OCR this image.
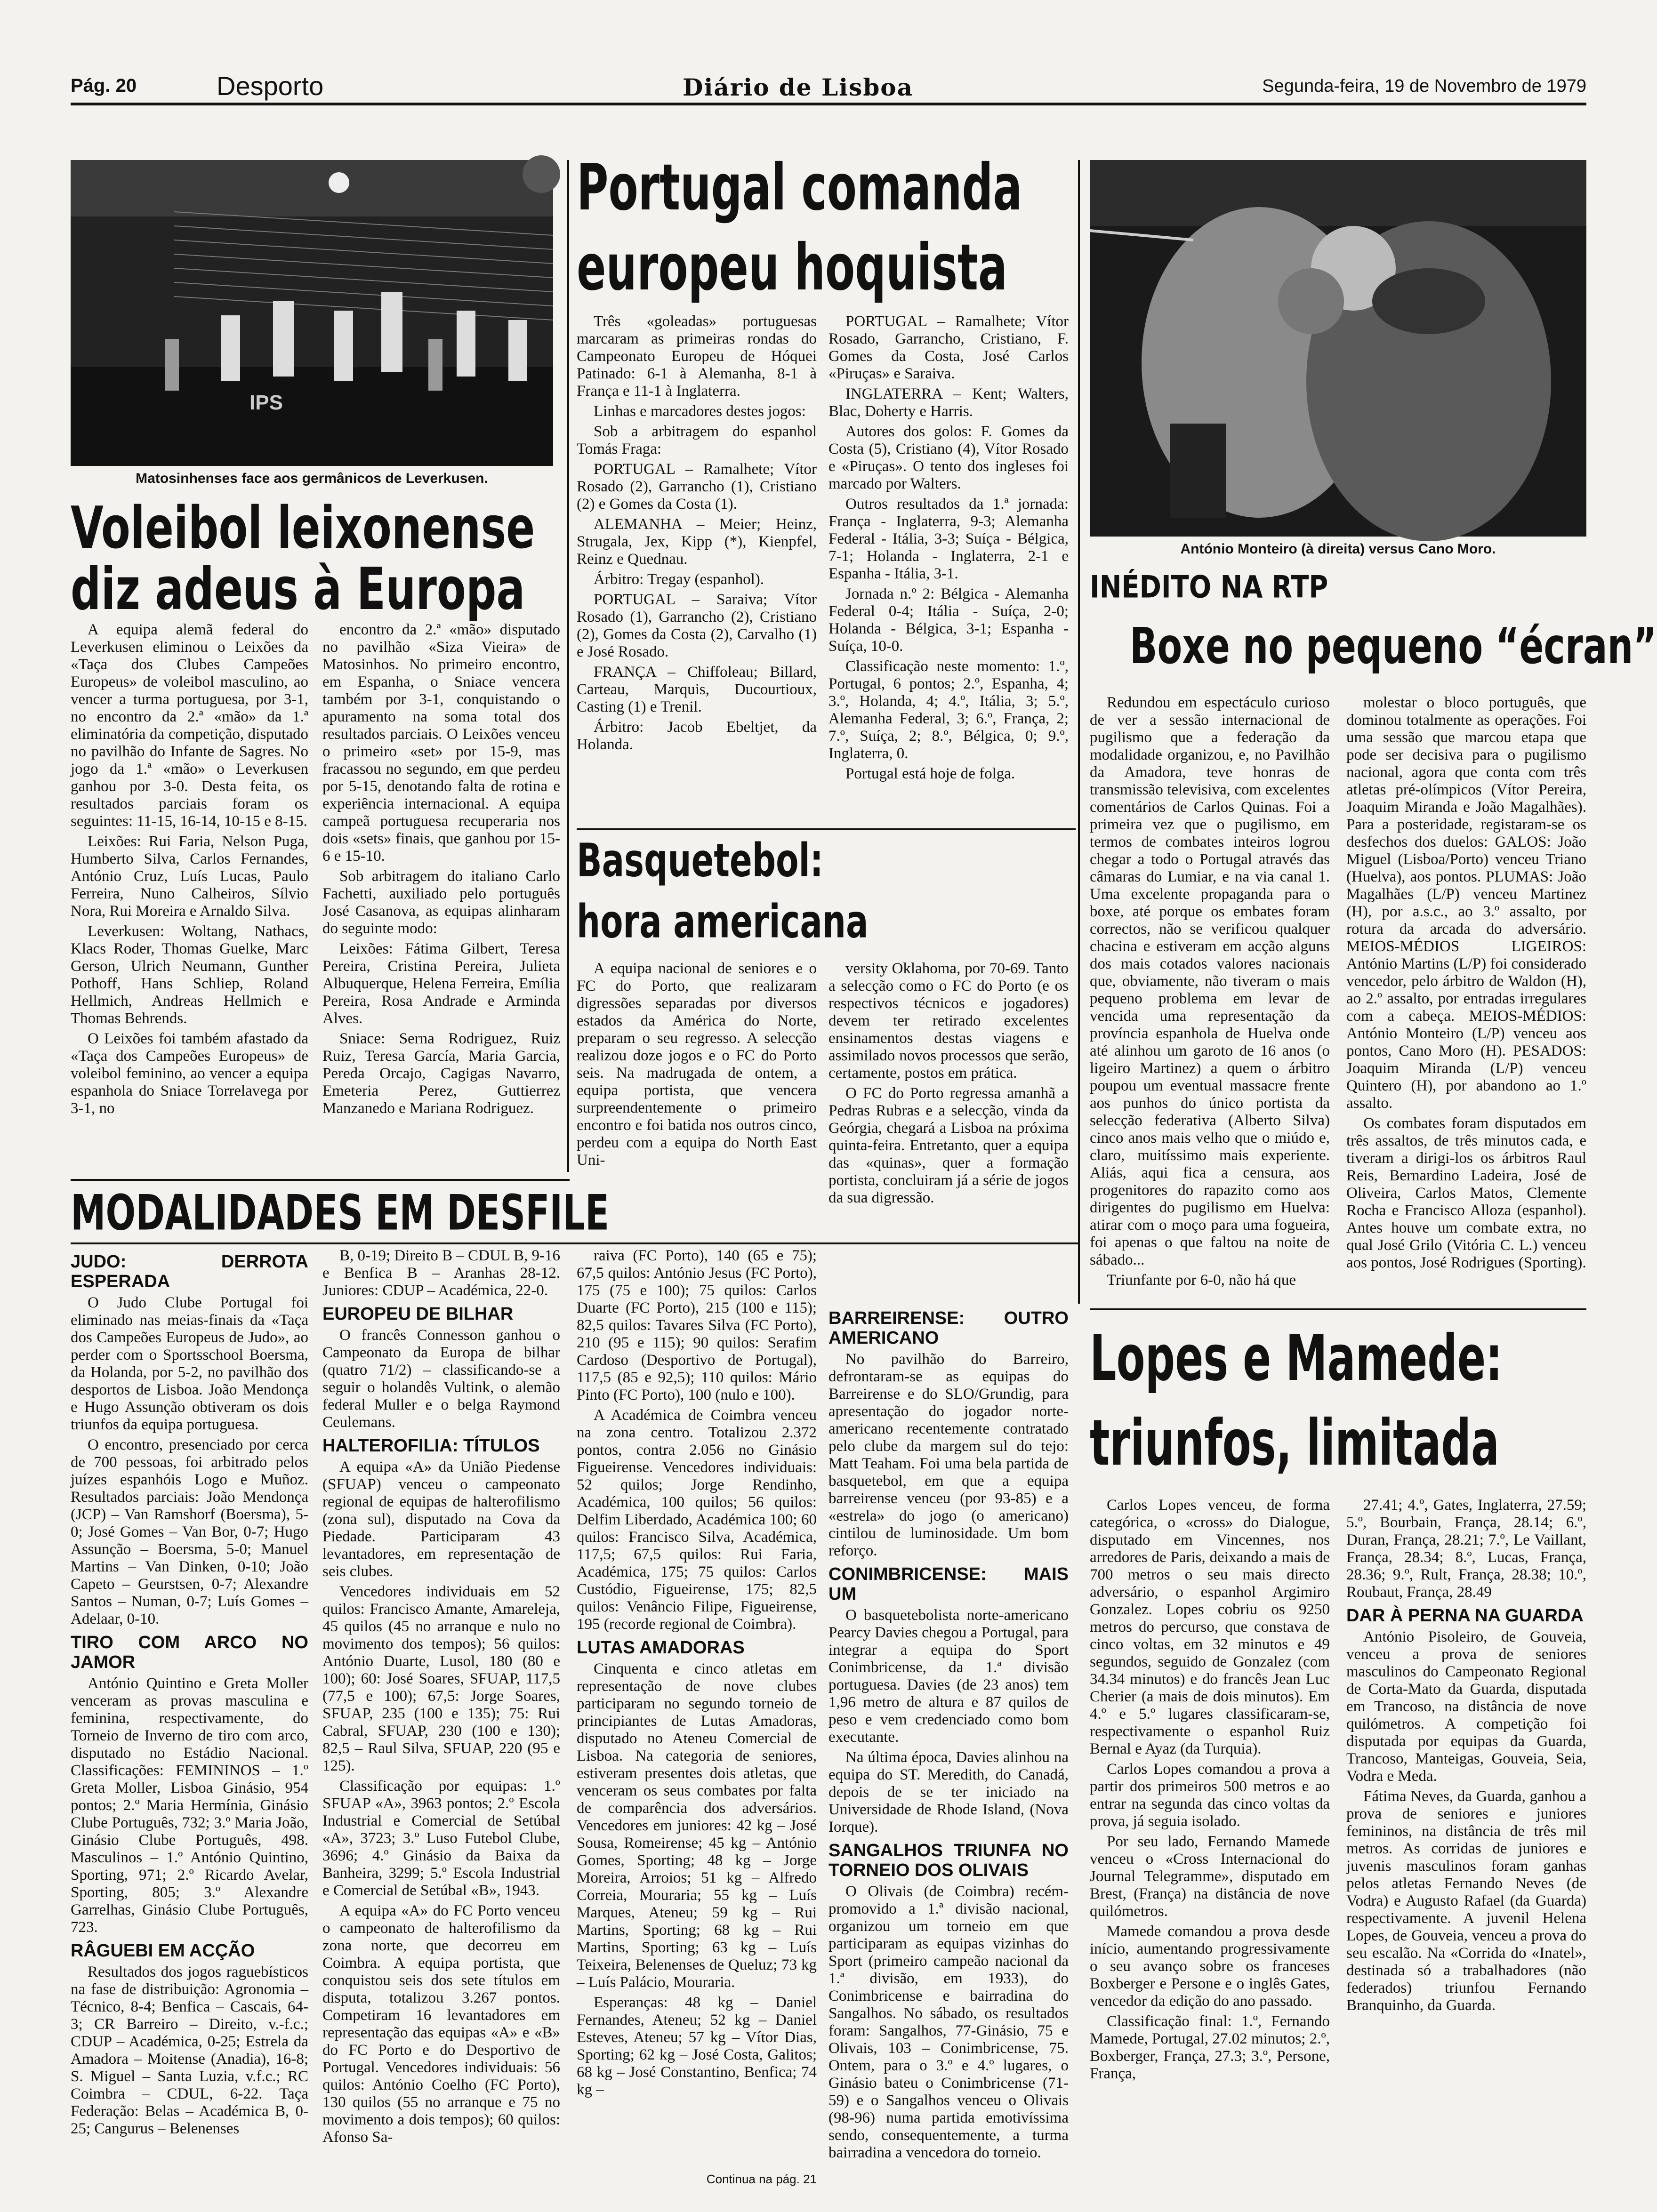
Pág. 20	Desporto	Diário de Lisboa	Segunda-feira, 19 de Novembro de 1979
IPS
Matosinhenses face aos germânicos de Leverkusen.
Voleibol leixonense
diz adeus à Europa

A equipa alemã federal do Leverkusen eliminou o Leixões da «Taça dos Clubes Campeões Europeus» de voleibol masculino, ao vencer a turma portuguesa, por 3-1, no encontro da 2.ª «mão» da 1.ª eliminatória da competição, disputado no pavilhão do Infante de Sagres. No jogo da 1.ª «mão» o Leverkusen ganhou por 3-0. Desta feita, os resultados parciais foram os seguintes: 11-15, 16-14, 10-15 e 8-15.

Leixões: Rui Faria, Nelson Puga, Humberto Silva, Carlos Fernandes, António Cruz, Luís Lucas, Paulo Ferreira, Nuno Calheiros, Sílvio Nora, Rui Moreira e Arnaldo Silva.

Leverkusen: Woltang, Nathacs, Klacs Roder, Thomas Guelke, Marc Gerson, Ulrich Neumann, Gunther Pothoff, Hans Schliep, Roland Hellmich, Andreas Hellmich e Thomas Behrends.

O Leixões foi também afastado da «Taça dos Campeões Europeus» de voleibol feminino, ao vencer a equipa espanhola do Sniace Torrelavega por 3-1, no

encontro da 2.ª «mão» disputado no pavilhão «Siza Vieira» de Matosinhos. No primeiro encontro, em Espanha, o Sniace vencera também por 3-1, conquistando o apuramento na soma total dos resultados parciais. O Leixões venceu o primeiro «set» por 15-9, mas fracassou no segundo, em que perdeu por 5-15, denotando falta de rotina e experiência internacional. A equipa campeã portuguesa recuperaria nos dois «sets» finais, que ganhou por 15-6 e 15-10.

Sob arbitragem do italiano Carlo Fachetti, auxiliado pelo português José Casanova, as equipas alinharam do seguinte modo:

Leixões: Fátima Gilbert, Teresa Pereira, Cristina Pereira, Julieta Albuquerque, Helena Ferreira, Emília Pereira, Rosa Andrade e Arminda Alves.

Sniace: Serna Rodriguez, Ruiz Ruiz, Teresa García, Maria Garcia, Pereda Orcajo, Cagigas Navarro, Emeteria Perez, Guttierrez Manzanedo e Mariana Rodriguez.

Portugal comanda
europeu hoquista

Três «goleadas» portuguesas marcaram as primeiras rondas do Campeonato Europeu de Hóquei Patinado: 6-1 à Alemanha, 8-1 à França e 11-1 à Inglaterra.

Linhas e marcadores destes jogos:

Sob a arbitragem do espanhol Tomás Fraga:

PORTUGAL – Ramalhete; Vítor Rosado (2), Garrancho (1), Cristiano (2) e Gomes da Costa (1).

ALEMANHA – Meier; Heinz, Strugala, Jex, Kipp (*), Kienpfel, Reinz e Quednau.

Árbitro: Tregay (espanhol).

PORTUGAL – Saraiva; Vítor Rosado (1), Garrancho (2), Cristiano (2), Gomes da Costa (2), Carvalho (1) e José Rosado.

FRANÇA – Chiffoleau; Billard, Carteau, Marquis, Ducourtioux, Casting (1) e Trenil.

Árbitro: Jacob Ebeltjet, da Holanda.

PORTUGAL – Ramalhete; Vítor Rosado, Garrancho, Cristiano, F. Gomes da Costa, José Carlos «Piruças» e Saraiva.

INGLATERRA – Kent; Walters, Blac, Doherty e Harris.

Autores dos golos: F. Gomes da Costa (5), Cristiano (4), Vítor Rosado e «Piruças». O tento dos ingleses foi marcado por Walters.

Outros resultados da 1.ª jornada: França - Inglaterra, 9-3; Alemanha Federal - Itália, 3-3; Suíça - Bélgica, 7-1; Holanda - Inglaterra, 2-1 e Espanha - Itália, 3-1.

Jornada n.º 2: Bélgica - Alemanha Federal 0-4; Itália - Suíça, 2-0; Holanda - Bélgica, 3-1; Espanha - Suíça, 10-0.

Classificação neste momento: 1.º, Portugal, 6 pontos; 2.º, Espanha, 4; 3.º, Holanda, 4; 4.º, Itália, 3; 5.º, Alemanha Federal, 3; 6.º, França, 2; 7.º, Suíça, 2; 8.º, Bélgica, 0; 9.º, Inglaterra, 0.

Portugal está hoje de folga.

Basquetebol:
hora americana

A equipa nacional de seniores e o FC do Porto, que realizaram digressões separadas por diversos estados da América do Norte, preparam o seu regresso. A selecção realizou doze jogos e o FC do Porto seis. Na madrugada de ontem, a equipa portista, que vencera surpreendentemente o primeiro encontro e foi batida nos outros cinco, perdeu com a equipa do North East Uni-

versity Oklahoma, por 70-69. Tanto a selecção como o FC do Porto (e os respectivos técnicos e jogadores) devem ter retirado excelentes ensinamentos destas viagens e assimilado novos processos que serão, certamente, postos em prática.

O FC do Porto regressa amanhã a Pedras Rubras e a selecção, vinda da Geórgia, chegará a Lisboa na próxima quinta-feira. Entretanto, quer a equipa das «quinas», quer a formação portista, concluiram já a série de jogos da sua digressão.

António Monteiro (à direita) versus Cano Moro.
INÉDITO NA RTP
Boxe no pequeno “écran”

Redundou em espectáculo curioso de ver a sessão internacional de pugilismo que a federação da modalidade organizou, e, no Pavilhão da Amadora, teve honras de transmissão televisiva, com excelentes comentários de Carlos Quinas. Foi a primeira vez que o pugilismo, em termos de combates inteiros logrou chegar a todo o Portugal através das câmaras do Lumiar, e na via canal 1. Uma excelente propaganda para o boxe, até porque os embates foram correctos, não se verificou qualquer chacina e estiveram em acção alguns dos mais cotados valores nacionais que, obviamente, não tiveram o mais pequeno problema em levar de vencida uma representação da província espanhola de Huelva onde até alinhou um garoto de 16 anos (o ligeiro Martinez) a quem o árbitro poupou um eventual massacre frente aos punhos do único portista da selecção federativa (Alberto Silva) cinco anos mais velho que o miúdo e, claro, muitíssimo mais experiente. Aliás, aqui fica a censura, aos progenitores do rapazito como aos dirigentes do pugilismo em Huelva: atirar com o moço para uma fogueira, foi apenas o que faltou na noite de sábado...

Triunfante por 6-0, não há que

molestar o bloco português, que dominou totalmente as operações. Foi uma sessão que marcou etapa que pode ser decisiva para o pugilismo nacional, agora que conta com três atletas pré-olímpicos (Vítor Pereira, Joaquim Miranda e João Magalhães). Para a posteridade, registaram-se os desfechos dos duelos: GALOS: João Miguel (Lisboa/Porto) venceu Triano (Huelva), aos pontos. PLUMAS: João Magalhães (L/P) venceu Martinez (H), por a.s.c., ao 3.º assalto, por rotura da arcada do adversário. MEIOS-MÉDIOS LIGEIROS: António Martins (L/P) foi considerado vencedor, pelo árbitro de Waldon (H), ao 2.º assalto, por entradas irregulares com a cabeça. MEIOS-MÉDIOS: António Monteiro (L/P) venceu aos pontos, Cano Moro (H). PESADOS: Joaquim Miranda (L/P) venceu Quintero (H), por abandono ao 1.º assalto.

Os combates foram disputados em três assaltos, de três minutos cada, e tiveram a dirigi-los os árbitros Raul Reis, Bernardino Ladeira, José de Oliveira, Carlos Matos, Clemente Rocha e Francisco Alloza (espanhol). Antes houve um combate extra, no qual José Grilo (Vitória C. L.) venceu aos pontos, José Rodrigues (Sporting).

MODALIDADES EM DESFILE
JUDO: DERROTA ESPERADA

O Judo Clube Portugal foi eliminado nas meias-finais da «Taça dos Campeões Europeus de Judo», ao perder com o Sportsschool Boersma, da Holanda, por 5-2, no pavilhão dos desportos de Lisboa. João Mendonça e Hugo Assunção obtiveram os dois triunfos da equipa portuguesa.

O encontro, presenciado por cerca de 700 pessoas, foi arbitrado pelos juízes espanhóis Logo e Muñoz. Resultados parciais: João Mendonça (JCP) – Van Ramshorf (Boersma), 5-0; José Gomes – Van Bor, 0-7; Hugo Assunção – Boersma, 5-0; Manuel Martins – Van Dinken, 0-10; João Capeto – Geurstsen, 0-7; Alexandre Santos – Numan, 0-7; Luís Gomes – Adelaar, 0-10.

TIRO COM ARCO NO JAMOR

António Quintino e Greta Moller venceram as provas masculina e feminina, respectivamente, do Torneio de Inverno de tiro com arco, disputado no Estádio Nacional. Classificações: FEMININOS – 1.º Greta Moller, Lisboa Ginásio, 954 pontos; 2.º Maria Hermínia, Ginásio Clube Português, 732; 3.º Maria João, Ginásio Clube Português, 498. Masculinos – 1.º António Quintino, Sporting, 971; 2.º Ricardo Avelar, Sporting, 805; 3.º Alexandre Garrelhas, Ginásio Clube Português, 723.

RÂGUEBI EM ACÇÃO

Resultados dos jogos raguebísticos na fase de distribuição: Agronomia – Técnico, 8-4; Benfica – Cascais, 64-3; CR Barreiro – Direito, v.-f.c.; CDUP – Académica, 0-25; Estrela da Amadora – Moitense (Anadia), 16-8; S. Miguel – Santa Luzia, v.f.c.; RC Coimbra – CDUL, 6-22. Taça Federação: Belas – Académica B, 0-25; Cangurus – Belenenses

B, 0-19; Direito B – CDUL B, 9-16 e Benfica B – Aranhas 28-12. Juniores: CDUP – Académica, 22-0.

EUROPEU DE BILHAR

O francês Connesson ganhou o Campeonato da Europa de bilhar (quatro 71/2) – classificando-se a seguir o holandês Vultink, o alemão federal Muller e o belga Raymond Ceulemans.

HALTEROFILIA: TÍTULOS

A equipa «A» da União Piedense (SFUAP) venceu o campeonato regional de equipas de halterofilismo (zona sul), disputado na Cova da Piedade. Participaram 43 levantadores, em representação de seis clubes.

Vencedores individuais em 52 quilos: Francisco Amante, Amareleja, 45 quilos (45 no arranque e nulo no movimento dos tempos); 56 quilos: António Duarte, Lusol, 180 (80 e 100); 60: José Soares, SFUAP, 117,5 (77,5 e 100); 67,5: Jorge Soares, SFUAP, 235 (100 e 135); 75: Rui Cabral, SFUAP, 230 (100 e 130); 82,5 – Raul Silva, SFUAP, 220 (95 e 125).

Classificação por equipas: 1.º SFUAP «A», 3963 pontos; 2.º Escola Industrial e Comercial de Setúbal «A», 3723; 3.º Luso Futebol Clube, 3696; 4.º Ginásio da Baixa da Banheira, 3299; 5.º Escola Industrial e Comercial de Setúbal «B», 1943.

A equipa «A» do FC Porto venceu o campeonato de halterofilismo da zona norte, que decorreu em Coimbra. A equipa portista, que conquistou seis dos sete títulos em disputa, totalizou 3.267 pontos. Competiram 16 levantadores em representação das equipas «A» e «B» do FC Porto e do Desportivo de Portugal. Vencedores individuais: 56 quilos: António Coelho (FC Porto), 130 quilos (55 no arranque e 75 no movimento a dois tempos); 60 quilos: Afonso Sa-

raiva (FC Porto), 140 (65 e 75); 67,5 quilos: António Jesus (FC Porto), 175 (75 e 100); 75 quilos: Carlos Duarte (FC Porto), 215 (100 e 115); 82,5 quilos: Tavares Silva (FC Porto), 210 (95 e 115); 90 quilos: Serafim Cardoso (Desportivo de Portugal), 117,5 (85 e 92,5); 110 quilos: Mário Pinto (FC Porto), 100 (nulo e 100).

A Académica de Coimbra venceu na zona centro. Totalizou 2.372 pontos, contra 2.056 no Ginásio Figueirense. Vencedores individuais: 52 quilos; Jorge Rendinho, Académica, 100 quilos; 56 quilos: Delfim Liberdado, Académica 100; 60 quilos: Francisco Silva, Académica, 117,5; 67,5 quilos: Rui Faria, Académica, 175; 75 quilos: Carlos Custódio, Figueirense, 175; 82,5 quilos: Venâncio Filipe, Figueirense, 195 (recorde regional de Coimbra).

LUTAS AMADORAS

Cinquenta e cinco atletas em representação de nove clubes participaram no segundo torneio de principiantes de Lutas Amadoras, disputado no Ateneu Comercial de Lisboa. Na categoria de seniores, estiveram presentes dois atletas, que venceram os seus combates por falta de comparência dos adversários. Vencedores em juniores: 42 kg – José Sousa, Romeirense; 45 kg – António Gomes, Sporting; 48 kg – Jorge Moreira, Arroios; 51 kg – Alfredo Correia, Mouraria; 55 kg – Luís Marques, Ateneu; 59 kg – Rui Martins, Sporting; 68 kg – Rui Martins, Sporting; 63 kg – Luís Teixeira, Belenenses de Queluz; 73 kg – Luís Palácio, Mouraria.

Esperanças: 48 kg – Daniel Fernandes, Ateneu; 52 kg – Daniel Esteves, Ateneu; 57 kg – Vítor Dias, Sporting; 62 kg – José Costa, Galitos; 68 kg – José Constantino, Benfica; 74 kg –

Continua na pág. 21
BARREIRENSE: OUTRO AMERICANO

No pavilhão do Barreiro, defrontaram-se as equipas do Barreirense e do SLO/Grundig, para apresentação do jogador norte-americano recentemente contratado pelo clube da margem sul do tejo: Matt Teaham. Foi uma bela partida de basquetebol, em que a equipa barreirense venceu (por 93-85) e a «estrela» do jogo (o americano) cintilou de luminosidade. Um bom reforço.

CONIMBRICENSE: MAIS UM

O basquetebolista norte-americano Pearcy Davies chegou a Portugal, para integrar a equipa do Sport Conimbricense, da 1.ª divisão portuguesa. Davies (de 23 anos) tem 1,96 metro de altura e 87 quilos de peso e vem credenciado como bom executante.

Na última época, Davies alinhou na equipa do ST. Meredith, do Canadá, depois de se ter iniciado na Universidade de Rhode Island, (Nova Iorque).

SANGALHOS TRIUNFA NO TORNEIO DOS OLIVAIS

O Olivais (de Coimbra) recém-promovido a 1.ª divisão nacional, organizou um torneio em que participaram as equipas vizinhas do Sport (primeiro campeão nacional da 1.ª divisão, em 1933), do Conimbricense e bairradina do Sangalhos. No sábado, os resultados foram: Sangalhos, 77-Ginásio, 75 e Olivais, 103 – Conimbricense, 75. Ontem, para o 3.º e 4.º lugares, o Ginásio bateu o Conimbricense (71-59) e o Sangalhos venceu o Olivais (98-96) numa partida emotivíssima sendo, consequentemente, a turma bairradina a vencedora do torneio.

Lopes e Mamede:
triunfos, limitada

Carlos Lopes venceu, de forma categórica, o «cross» do Dialogue, disputado em Vincennes, nos arredores de Paris, deixando a mais de 700 metros o seu mais directo adversário, o espanhol Argimiro Gonzalez. Lopes cobriu os 9250 metros do percurso, que constava de cinco voltas, em 32 minutos e 49 segundos, seguido de Gonzalez (com 34.34 minutos) e do francês Jean Luc Cherier (a mais de dois minutos). Em 4.º e 5.º lugares classificaram-se, respectivamente o espanhol Ruiz Bernal e Ayaz (da Turquia).

Carlos Lopes comandou a prova a partir dos primeiros 500 metros e ao entrar na segunda das cinco voltas da prova, já seguia isolado.

Por seu lado, Fernando Mamede venceu o «Cross Internacional do Journal Telegramme», disputado em Brest, (França) na distância de nove quilómetros.

Mamede comandou a prova desde início, aumentando progressivamente o seu avanço sobre os franceses Boxberger e Persone e o inglês Gates, vencedor da edição do ano passado.

Classificação final: 1.º, Fernando Mamede, Portugal, 27.02 minutos; 2.º, Boxberger, França, 27.3; 3.º, Persone, França,

27.41; 4.º, Gates, Inglaterra, 27.59; 5.º, Bourbain, França, 28.14; 6.º, Duran, França, 28.21; 7.º, Le Vaillant, França, 28.34; 8.º, Lucas, França, 28.36; 9.º, Rult, França, 28.38; 10.º, Roubaut, França, 28.49

DAR À PERNA NA GUARDA

António Pisoleiro, de Gouveia, venceu a prova de seniores masculinos do Campeonato Regional de Corta-Mato da Guarda, disputada em Trancoso, na distância de nove quilómetros. A competição foi disputada por equipas da Guarda, Trancoso, Manteigas, Gouveia, Seia, Vodra e Meda.

Fátima Neves, da Guarda, ganhou a prova de seniores e juniores femininos, na distância de três mil metros. As corridas de juniores e juvenis masculinos foram ganhas pelos atletas Fernando Neves (de Vodra) e Augusto Rafael (da Guarda) respectivamente. A juvenil Helena Lopes, de Gouveia, venceu a prova do seu escalão. Na «Corrida do «Inatel», destinada só a trabalhadores (não federados) triunfou Fernando Branquinho, da Guarda.
